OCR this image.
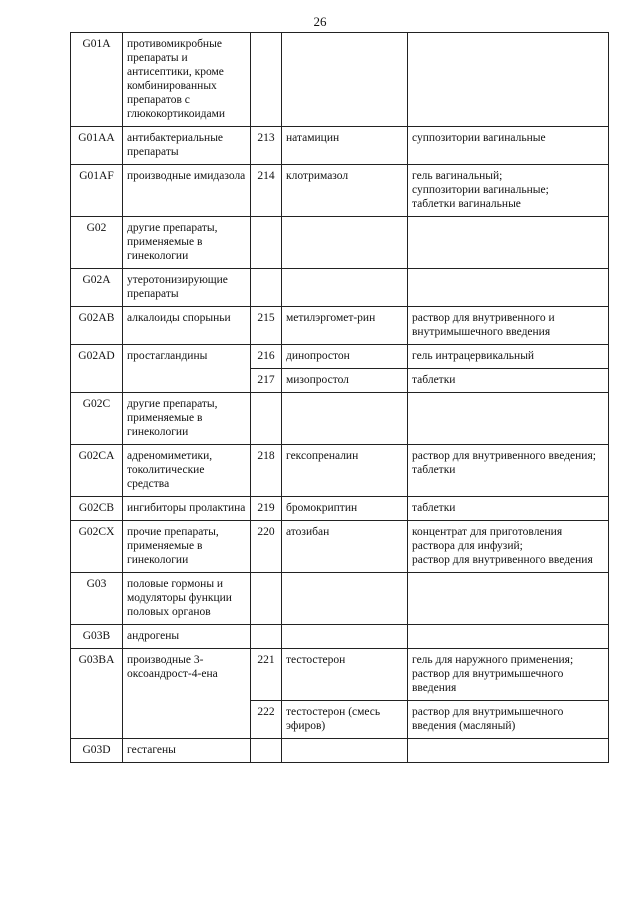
26
G01A	противомикробные препараты и антисептики, кроме комбинированных препаратов с глюкокортикоидами			
G01AA	антибактериальные препараты	213	натамицин	суппозитории вагинальные
G01AF	производные имидазола	214	клотримазол	гель вагинальный;
суппозитории вагинальные;
таблетки вагинальные
G02	другие препараты, применяемые в гинекологии			
G02A	утеротонизирующие препараты			
G02AB	алкалоиды спорыньи	215	метилэргомет-рин	раствор для внутривенного и внутримышечного введения
G02AD	простагландины	216	динопростон	гель интрацервикальный
		217	мизопростол	таблетки
G02C	другие препараты, применяемые в гинекологии			
G02CA	адреномиметики, токолитические средства	218	гексопреналин	раствор для внутривенного введения;
таблетки
G02CB	ингибиторы пролактина	219	бромокриптин	таблетки
G02CX	прочие препараты, применяемые в гинекологии	220	атозибан	концентрат для приготовления раствора для инфузий;
раствор для внутривенного введения
G03	половые гормоны и модуляторы функции половых органов			
G03B	андрогены			
G03BA	производные 3-оксоандрост-4-ена	221	тестостерон	гель для наружного применения;
раствор для внутримышечного введения
		222	тестостерон (смесь эфиров)	раствор для внутримышечного введения (масляный)
G03D	гестагены			
